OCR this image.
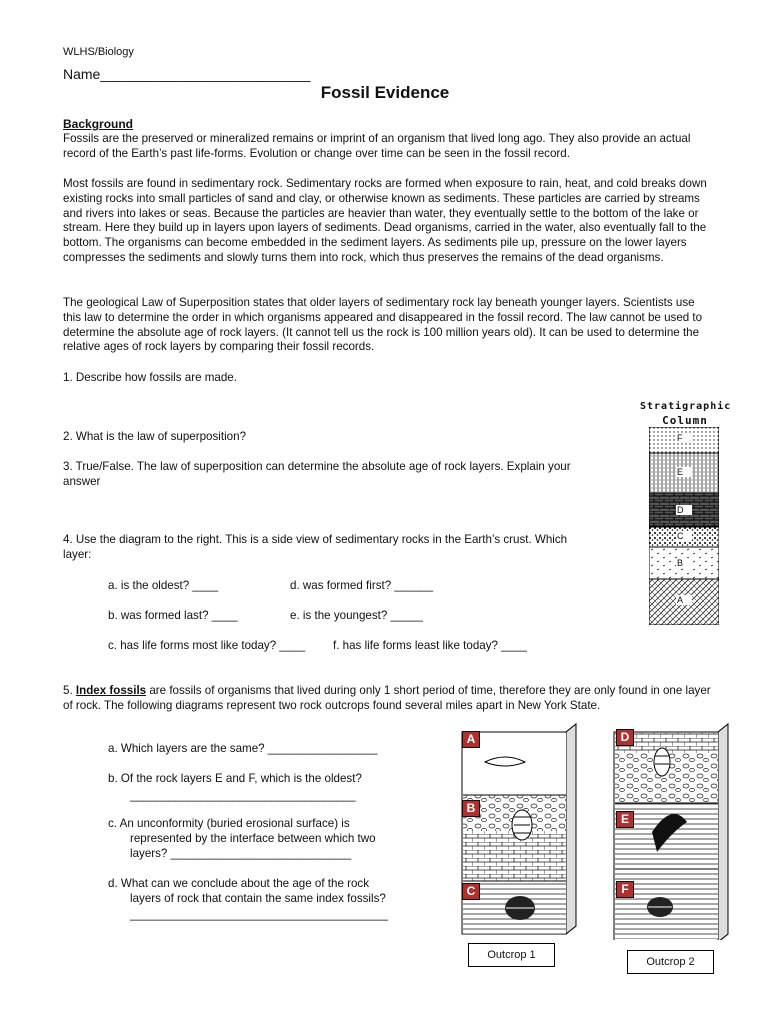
WLHS/Biology
Name___________________________
Fossil Evidence
Background
Fossils are the preserved or mineralized remains or imprint of an organism that lived long ago. They also provide an actual record of the Earth’s past life-forms. Evolution or change over time can be seen in the fossil record.
Most fossils are found in sedimentary rock. Sedimentary rocks are formed when exposure to rain, heat, and cold breaks down existing rocks into small particles of sand and clay, or otherwise known as sediments. These particles are carried by streams and rivers into lakes or seas. Because the particles are heavier than water, they eventually settle to the bottom of the lake or stream. Here they build up in layers upon layers of sediments. Dead organisms, carried in the water, also eventually fall to the bottom. The organisms can become embedded in the sediment layers. As sediments pile up, pressure on the lower layers compresses the sediments and slowly turns them into rock, which thus preserves the remains of the dead organisms.
The geological Law of Superposition states that older layers of sedimentary rock lay beneath younger layers. Scientists use this law to determine the order in which organisms appeared and disappeared in the fossil record. The law cannot be used to determine the absolute age of rock layers. (It cannot tell us the rock is 100 million years old). It can be used to determine the relative ages of rock layers by comparing their fossil records.
1. Describe how fossils are made.
2. What is the law of superposition?
3. True/False. The law of superposition can determine the absolute age of rock layers. Explain your answer
4. Use the diagram to the right. This is a side view of sedimentary rocks in the Earth’s crust. Which layer:
a. is the oldest? ____	d. was formed first? ______
b. was formed last? ____	e. is the youngest? _____
c. has life forms most like today? ____ f. has life forms least like today? ____
5. Index fossils are fossils of organisms that lived during only 1 short period of time, therefore they are only found in one layer of rock. The following diagrams represent two rock outcrops found several miles apart in New York State.
a. Which layers are the same? _________________
b. Of the rock layers E and F, which is the oldest?
___________________________________
c. An unconformity (buried erosional surface) is
represented by the interface between which two
layers? ____________________________
d. What can we conclude about the age of the rock
layers of rock that contain the same index fossils?
________________________________________
Stratigraphic
Column
F
E
D
C
B
A
A
B
C
Outcrop 1
D
E
F
Outcrop 2
